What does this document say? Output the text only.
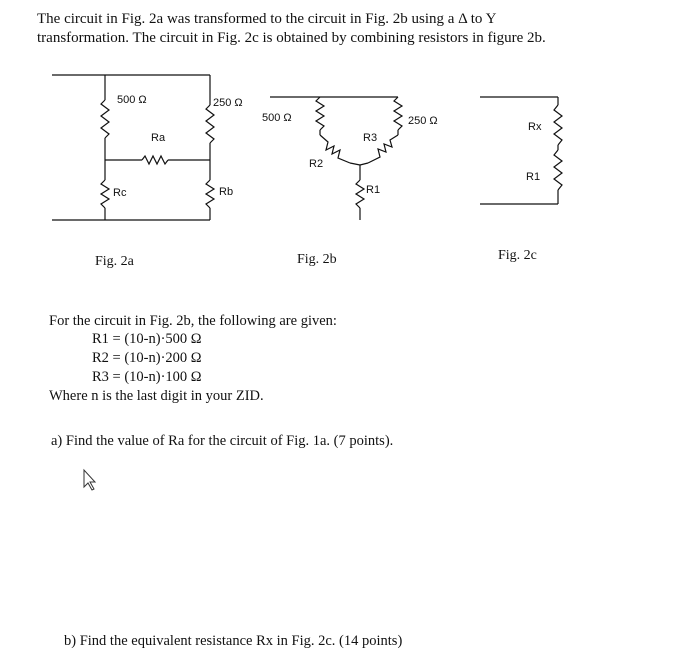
The circuit in Fig. 2a was transformed to the circuit in Fig. 2b using a Δ to Y
transformation. The circuit in Fig. 2c is obtained by combining resistors in figure 2b.
500 Ω	250 Ω
Ra
Rc	Rb
500 Ω	250 Ω
R3
R2
R1
Rx
R1
Fig. 2a	Fig. 2b	Fig. 2c
For the circuit in Fig. 2b, the following are given:
R1 = (10-n)·500 Ω
R2 = (10-n)·200 Ω
R3 = (10-n)·100 Ω
Where n is the last digit in your ZID.
a) Find the value of Ra for the circuit of Fig. 1a. (7 points).
b) Find the equivalent resistance Rx in Fig. 2c. (14 points)
